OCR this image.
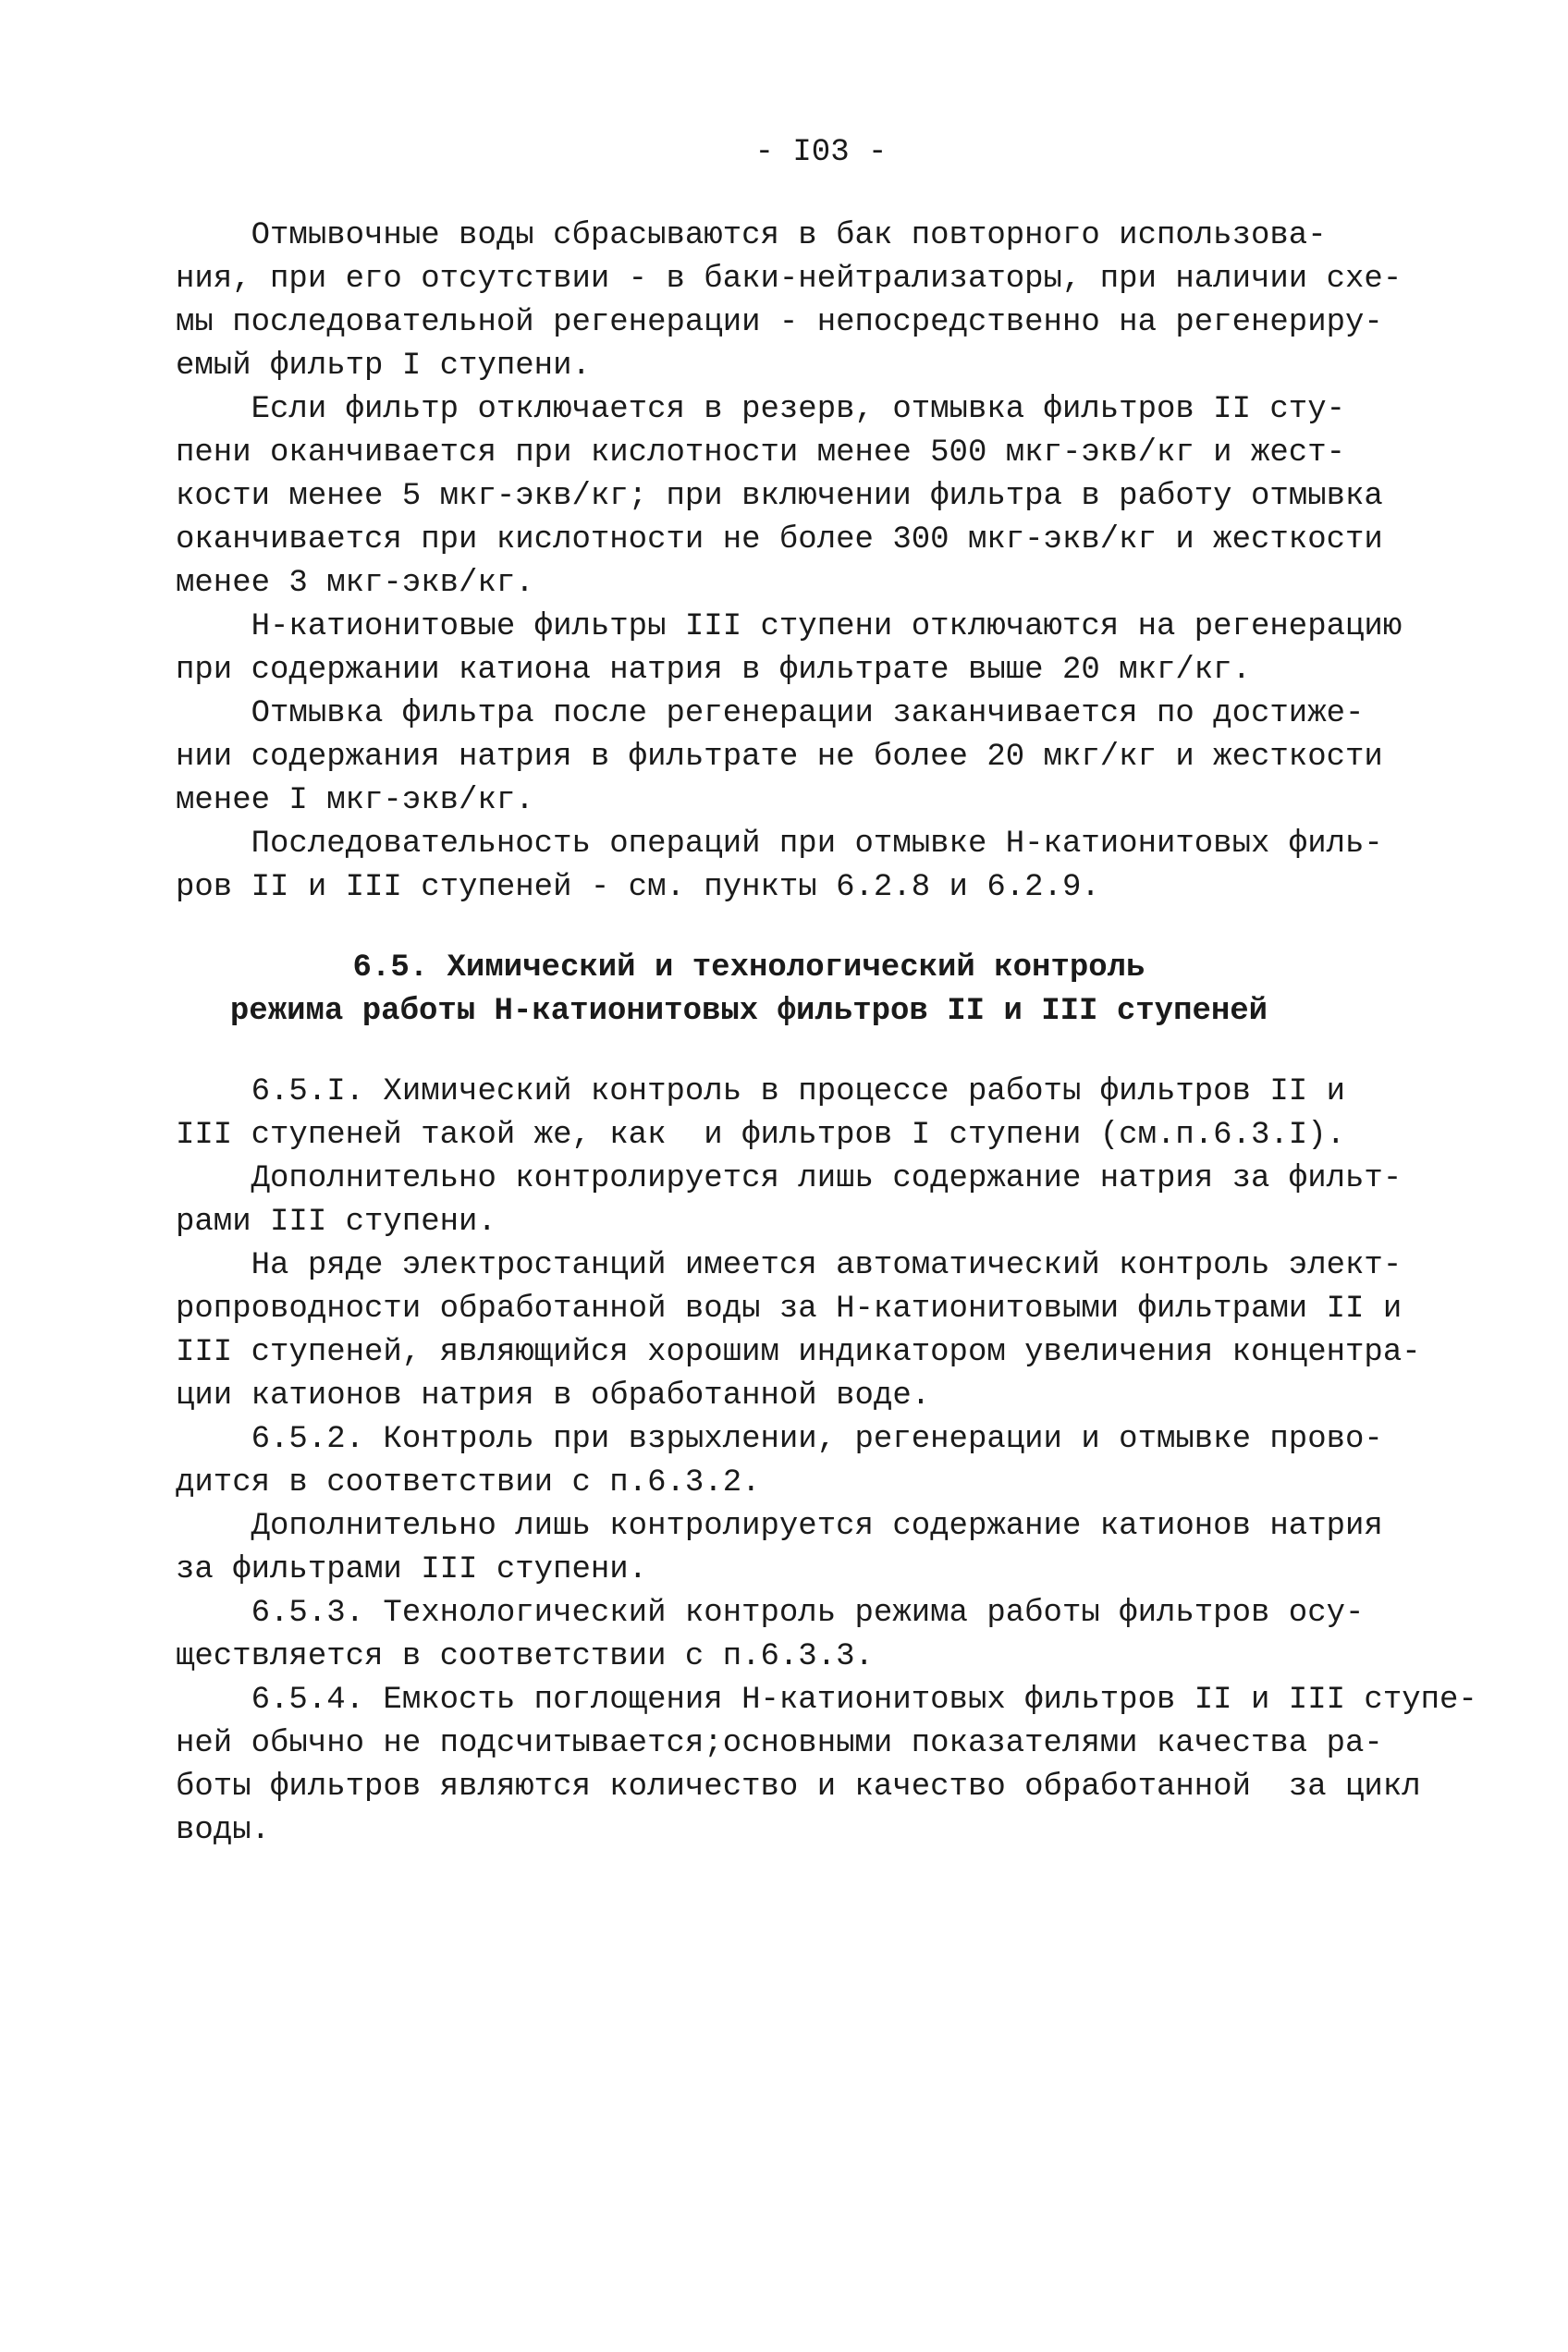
- I03 -
Отмывочные воды сбрасываются в бак повторного использова-
ния, при его отсутствии - в баки-нейтрализаторы, при наличии схе-
мы последовательной регенерации - непосредственно на регенериру-
емый фильтр I ступени.
Если фильтр отключается в резерв, отмывка фильтров II сту-
пени оканчивается при кислотности менее 500 мкг-экв/кг и жест-
кости менее 5 мкг-экв/кг; при включении фильтра в работу отмывка
оканчивается при кислотности не более 300 мкг-экв/кг и жесткости
менее 3 мкг-экв/кг.
Н-катионитовые фильтры III ступени отключаются на регенерацию
при содержании катиона натрия в фильтрате выше 20 мкг/кг.
Отмывка фильтра после регенерации заканчивается по достиже-
нии содержания натрия в фильтрате не более 20 мкг/кг и жесткости
менее I мкг-экв/кг.
Последовательность операций при отмывке Н-катионитовых филь-
ров II и III ступеней - см. пункты 6.2.8 и 6.2.9.
6.5. Химический и технологический контроль
режима работы Н-катионитовых фильтров II и III ступеней
6.5.I. Химический контроль в процессе работы фильтров II и
III ступеней такой же, как  и фильтров I ступени (см.п.6.3.I).
Дополнительно контролируется лишь содержание натрия за фильт-
рами III ступени.
На ряде электростанций имеется автоматический контроль элект-
ропроводности обработанной воды за Н-катионитовыми фильтрами II и
III ступеней, являющийся хорошим индикатором увеличения концентра-
ции катионов натрия в обработанной воде.
6.5.2. Контроль при взрыхлении, регенерации и отмывке прово-
дится в соответствии с п.6.3.2.
Дополнительно лишь контролируется содержание катионов натрия
за фильтрами III ступени.
6.5.3. Технологический контроль режима работы фильтров осу-
ществляется в соответствии с п.6.3.3.
6.5.4. Емкость поглощения Н-катионитовых фильтров II и III ступе-
ней обычно не подсчитывается;основными показателями качества ра-
боты фильтров являются количество и качество обработанной  за цикл
воды.
